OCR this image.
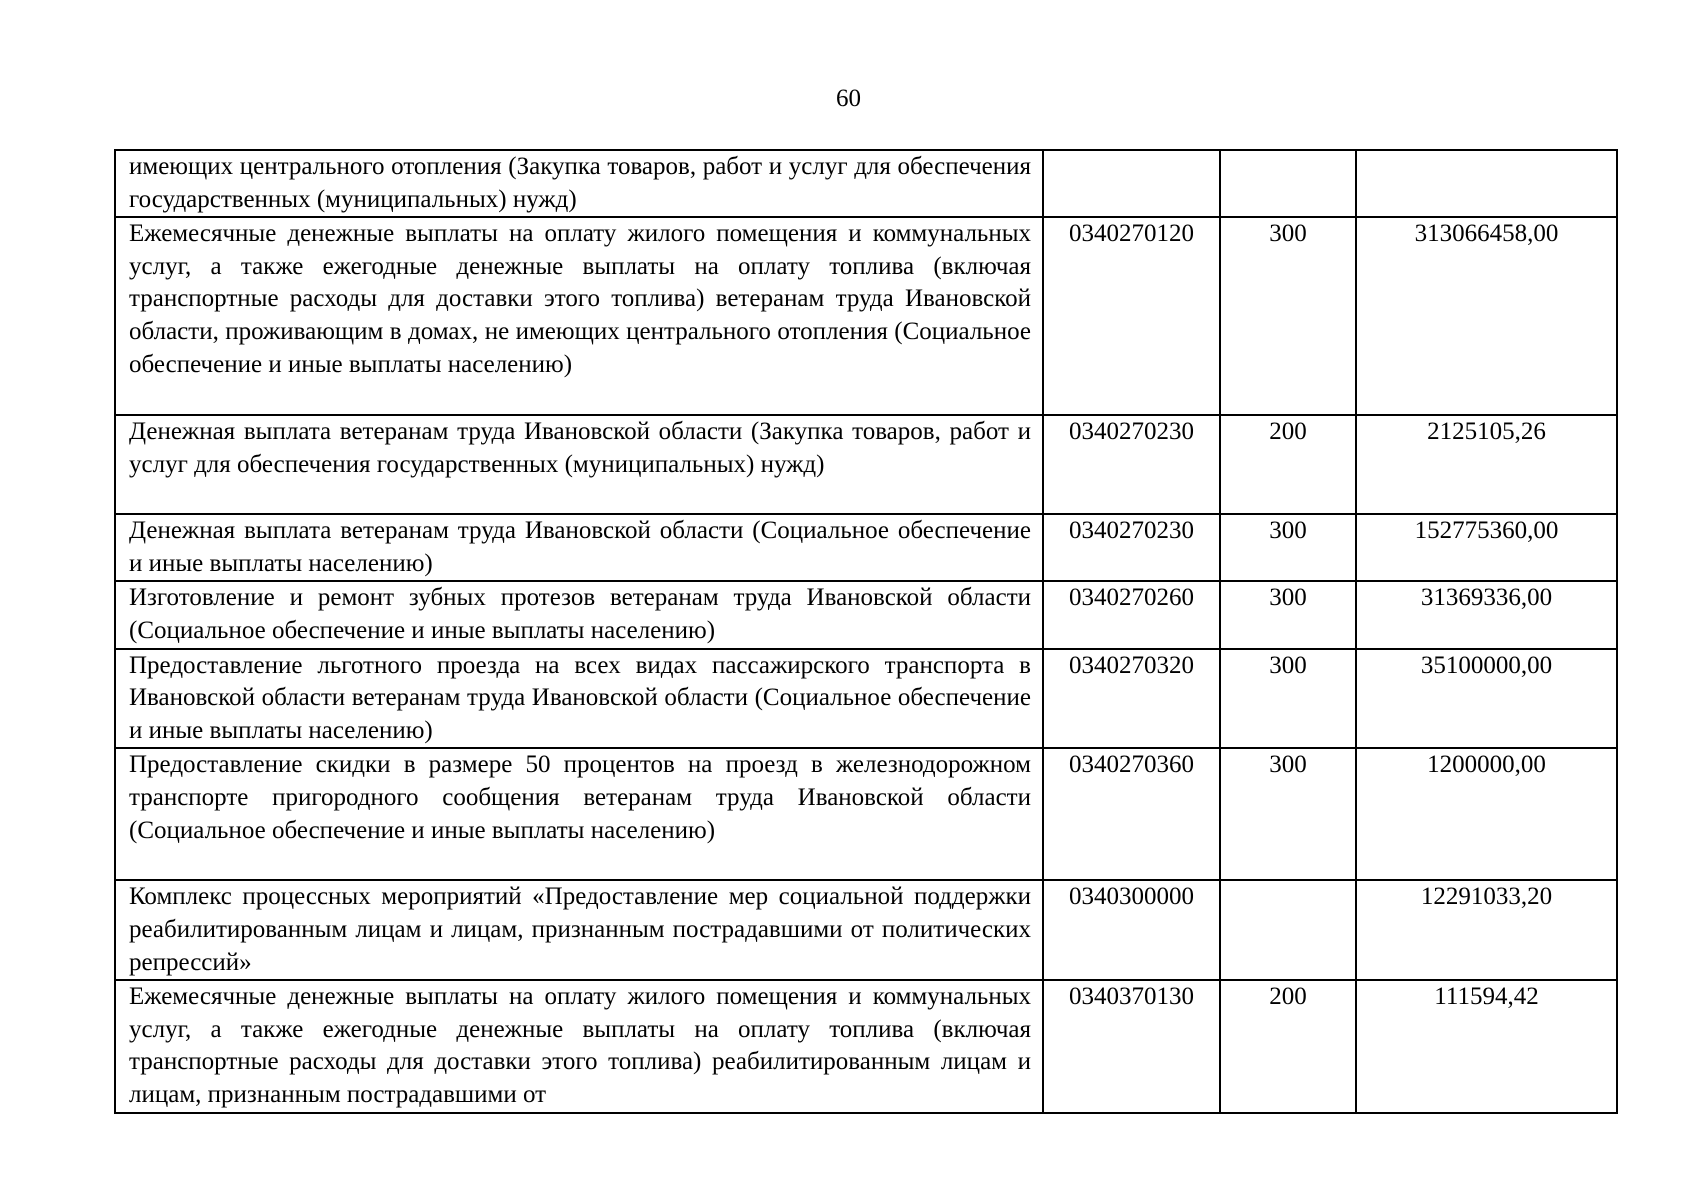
60
имеющих центрального отопления (Закупка товаров, работ и услуг для обеспечения государственных (муниципальных) нужд)			
Ежемесячные денежные выплаты на оплату жилого помещения и коммунальных услуг, а также ежегодные денежные выплаты на оплату топлива (включая транспортные расходы для доставки этого топлива) ветеранам труда Ивановской области, проживающим в домах, не имеющих центрального отопления (Социальное обеспечение и иные выплаты населению)	0340270120	300	313066458,00
Денежная выплата ветеранам труда Ивановской области (Закупка товаров, работ и услуг для обеспечения государственных (муниципальных) нужд)	0340270230	200	2125105,26
Денежная выплата ветеранам труда Ивановской области (Социальное обеспечение и иные выплаты населению)	0340270230	300	152775360,00
Изготовление и ремонт зубных протезов ветеранам труда Ивановской области (Социальное обеспечение и иные выплаты населению)	0340270260	300	31369336,00
Предоставление льготного проезда на всех видах пассажирского транспорта в Ивановской области ветеранам труда Ивановской области (Социальное обеспечение и иные выплаты населению)	0340270320	300	35100000,00
Предоставление скидки в размере 50 процентов на проезд в железнодорожном транспорте пригородного сообщения ветеранам труда Ивановской области (Социальное обеспечение и иные выплаты населению)	0340270360	300	1200000,00
Комплекс процессных мероприятий «Предоставление мер социальной поддержки реабилитированным лицам и лицам, признанным пострадавшими от политических репрессий»	0340300000		12291033,20
Ежемесячные денежные выплаты на оплату жилого помещения и коммунальных услуг, а также ежегодные денежные выплаты на оплату топлива (включая транспортные расходы для доставки этого топлива) реабилитированным лицам и лицам, признанным пострадавшими от	0340370130	200	111594,42
